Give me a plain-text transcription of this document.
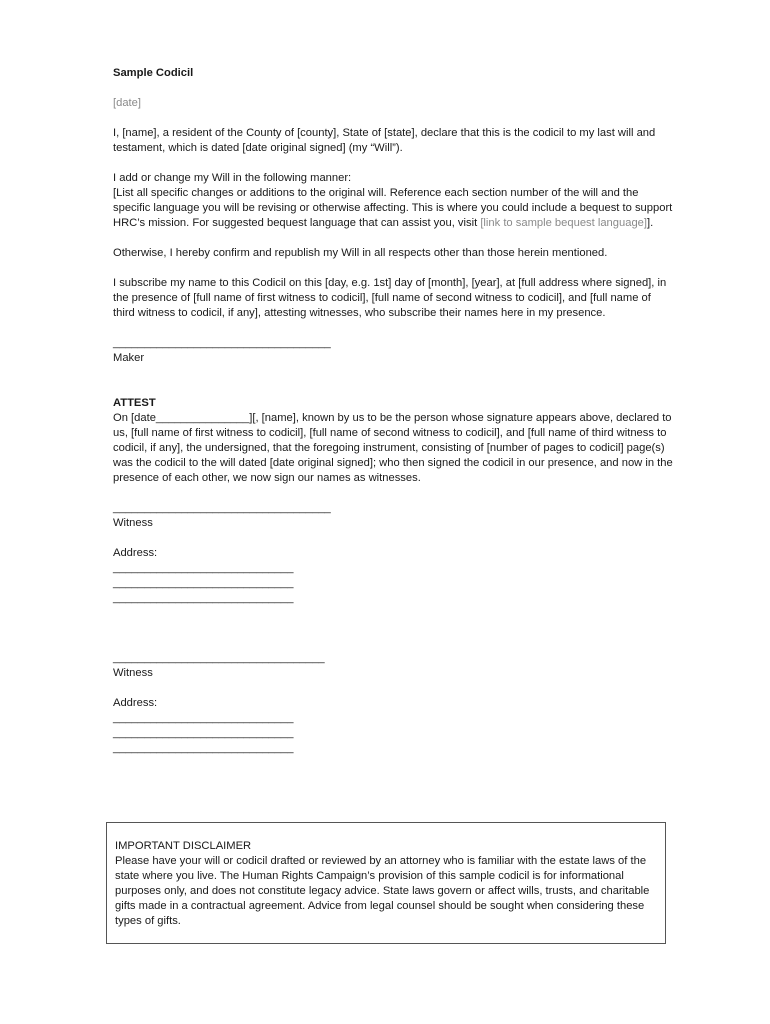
Sample Codicil

[date]

I, [name], a resident of the County of [county], State of [state], declare that this is the codicil to my last will and testament, which is dated [date original signed] (my “Will”).

I add or change my Will in the following manner:
[List all specific changes or additions to the original will. Reference each section number of the will and the specific language you will be revising or otherwise affecting. This is where you could include a bequest to support HRC’s mission. For suggested bequest language that can assist you, visit [link to sample bequest language]].

Otherwise, I hereby confirm and republish my Will in all respects other than those herein mentioned.

I subscribe my name to this Codicil on this [day, e.g. 1st] day of [month], [year], at [full address where signed], in the presence of [full name of first witness to codicil], [full name of second witness to codicil], and [full name of third witness to codicil, if any], attesting witnesses, who subscribe their names here in my presence.

___________________________________
Maker
ATTEST
On [date_______________][, [name], known by us to be the person whose signature appears above, declared to us, [full name of first witness to codicil], [full name of second witness to codicil], and [full name of third witness to codicil, if any], the undersigned, that the foregoing instrument, consisting of [number of pages to codicil] page(s) was the codicil to the will dated [date original signed]; who then signed the codicil in our presence, and now in the presence of each other, we now sign our names as witnesses.
___________________________________
Witness
Address:
_____________________________
_____________________________
_____________________________
__________________________________
Witness
Address:
_____________________________
_____________________________
_____________________________
IMPORTANT DISCLAIMER
Please have your will or codicil drafted or reviewed by an attorney who is familiar with the estate laws of the state where you live. The Human Rights Campaign’s provision of this sample codicil is for informational purposes only, and does not constitute legacy advice. State laws govern or affect wills, trusts, and charitable gifts made in a contractual agreement. Advice from legal counsel should be sought when considering these types of gifts.
